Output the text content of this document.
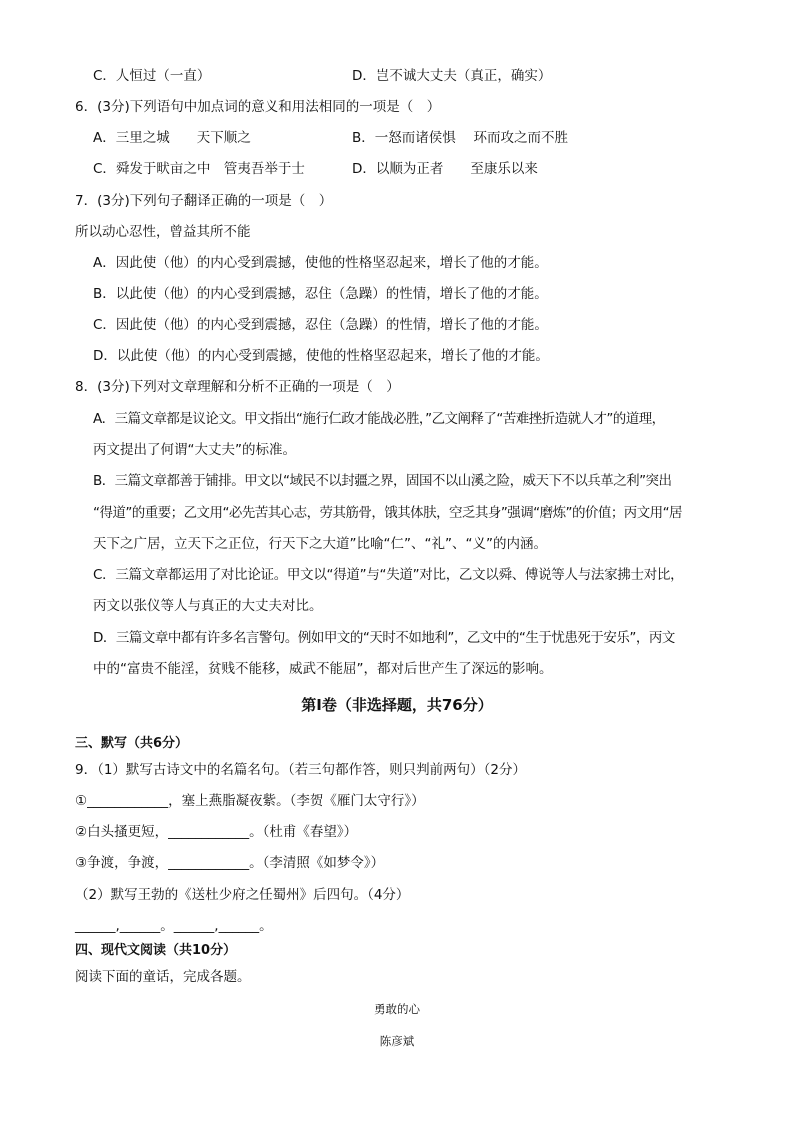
C．人恒过（一直）	D．岂不诚大丈夫（真正，确实）
6．(3分)下列语句中加点词的意义和用法相同的一项是（　）
A．三里之城　　天下顺之	B．一怒而诸侯惧　 环而攻之而不胜
C．舜发于畎亩之中　管夷吾举于士	D．以顺为正者　　至康乐以来
7．(3分)下列句子翻译正确的一项是（　）
所以动心忍性，曾益其所不能
A．因此使（他）的内心受到震撼，使他的性格坚忍起来，增长了他的才能。
B．以此使（他）的内心受到震撼，忍住（急躁）的性情，增长了他的才能。
C．因此使（他）的内心受到震撼，忍住（急躁）的性情，增长了他的才能。
D．以此使（他）的内心受到震撼，使他的性格坚忍起来，增长了他的才能。
8．(3分)下列对文章理解和分析不正确的一项是（　）
A．三篇文章都是议论文。甲文指出“施行仁政才能战必胜，”乙文阐释了“苦难挫折造就人才”的道理，
丙文提出了何谓“大丈夫”的标准。
B．三篇文章都善于铺排。甲文以“域民不以封疆之界，固国不以山溪之险，威天下不以兵革之利”突出
“得道”的重要；乙文用“必先苦其心志，劳其筋骨，饿其体肤，空乏其身”强调“磨炼”的价值；丙文用“居
天下之广居，立天下之正位，行天下之大道”比喻“仁”、“礼”、“义”的内涵。
C．三篇文章都运用了对比论证。甲文以“得道”与“失道”对比，乙文以舜、傅说等人与法家拂士对比，
丙文以张仪等人与真正的大丈夫对比。
D．三篇文章中都有许多名言警句。例如甲文的“天时不如地利”，乙文中的“生于忧患死于安乐”，丙文
中的“富贵不能淫，贫贱不能移，威武不能屈”，都对后世产生了深远的影响。
第Ⅰ卷（非选择题，共76分）
三、默写（共6分）
9．（1）默写古诗文中的名篇名句。（若三句都作答，则只判前两句）（2分）
①____________，塞上燕脂凝夜紫。（李贺《雁门太守行》）
②白头搔更短，____________。（杜甫《春望》）
③争渡，争渡，____________。（李清照《如梦令》）
（2）默写王勃的《送杜少府之任蜀州》后四句。（4分）
______,______。______,______。
四、现代文阅读（共10分）
阅读下面的童话，完成各题。
勇敢的心
陈彦斌
